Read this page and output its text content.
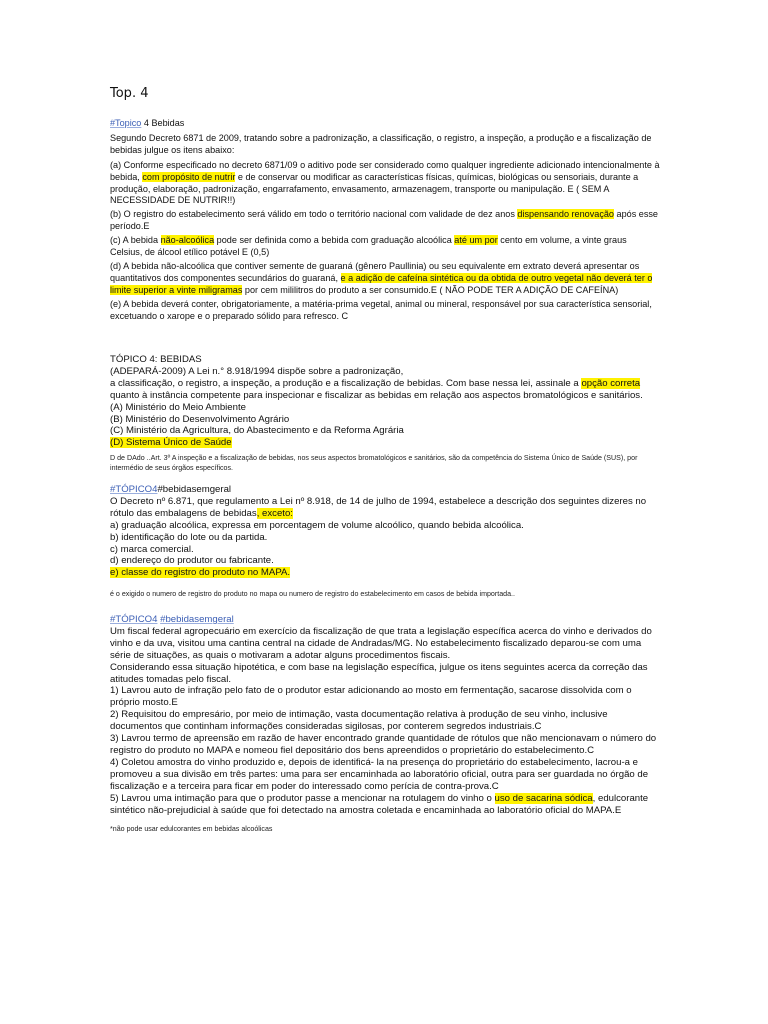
Top. 4

#Topico 4 Bebidas

Segundo Decreto 6871 de 2009, tratando sobre a padronização, a classificação, o registro, a inspeção, a produção e a fiscalização de bebidas julgue os itens abaixo:

(a) Conforme especificado no decreto 6871/09 o aditivo pode ser considerado como qualquer ingrediente adicionado intencionalmente à bebida, com propósito de nutrir e de conservar ou modificar as características físicas, químicas, biológicas ou sensoriais, durante a produção, elaboração, padronização, engarrafamento, envasamento, armazenagem, transporte ou manipulação. E ( SEM A NECESSIDADE DE NUTRIR!!)

(b) O registro do estabelecimento será válido em todo o território nacional com validade de dez anos dispensando renovação após esse período.E

(c) A bebida não-alcoólica pode ser definida como a bebida com graduação alcoólica até um por cento em volume, a vinte graus Celsius, de álcool etílico potável E (0,5)

(d) A bebida não-alcoólica que contiver semente de guaraná (gênero Paullinia) ou seu equivalente em extrato deverá apresentar os quantitativos dos componentes secundários do guaraná, e a adição de cafeína sintética ou da obtida de outro vegetal não deverá ter o limite superior a vinte miligramas por cem mililitros do produto a ser consumido.E ( NÃO PODE TER A ADIÇÃO DE CAFEÍNA)

(e) A bebida deverá conter, obrigatoriamente, a matéria-prima vegetal, animal ou mineral, responsável por sua característica sensorial, excetuando o xarope e o preparado sólido para refresco. C

TÓPICO 4: BEBIDAS

(ADEPARÁ-2009) A Lei n.° 8.918/1994 dispõe sobre a padronização,

a classificação, o registro, a inspeção, a produção e a fiscalização de bebidas. Com base nessa lei, assinale a opção correta

quanto à instância competente para inspecionar e fiscalizar as bebidas em relação aos aspectos bromatológicos e sanitários.

(A) Ministério do Meio Ambiente

(B) Ministério do Desenvolvimento Agrário

(C) Ministério da Agricultura, do Abastecimento e da Reforma Agrária

(D) Sistema Único de Saúde

D de DAdo ..Art. 3º A inspeção e a fiscalização de bebidas, nos seus aspectos bromatológicos e sanitários, são da competência do Sistema Único de Saúde (SUS), por intermédio de seus órgãos específicos.

#TÓPICO4#bebidasemgeral

O Decreto nº 6.871, que regulamento a Lei nº 8.918, de 14 de julho de 1994, estabelece a descrição dos seguintes dizeres no rótulo das embalagens de bebidas, exceto:

a) graduação alcoólica, expressa em porcentagem de volume alcoólico, quando bebida alcoólica.

b) identificação do lote ou da partida.

c) marca comercial.

d) endereço do produtor ou fabricante.

e) classe do registro do produto no MAPA.

é o exigido o numero de registro do produto no mapa ou numero de registro do estabelecimento em casos de bebida importada..

#TÓPICO4 #bebidasemgeral

Um fiscal federal agropecuário em exercício da fiscalização de que trata a legislação específica acerca do vinho e derivados do vinho e da uva, visitou uma cantina central na cidade de Andradas/MG. No estabelecimento fiscalizado deparou-se com uma série de situações, as quais o motivaram a adotar alguns procedimentos fiscais.

Considerando essa situação hipotética, e com base na legislação específica, julgue os itens seguintes acerca da correção das atitudes tomadas pelo fiscal.

1) Lavrou auto de infração pelo fato de o produtor estar adicionando ao mosto em fermentação, sacarose dissolvida com o próprio mosto.E

2) Requisitou do empresário, por meio de intimação, vasta documentação relativa à produção de seu vinho, inclusive documentos que continham informações consideradas sigilosas, por conterem segredos industriais.C

3) Lavrou termo de apreensão em razão de haver encontrado grande quantidade de rótulos que não mencionavam o número do registro do produto no MAPA e nomeou fiel depositário dos bens apreendidos o proprietário do estabelecimento.C

4) Coletou amostra do vinho produzido e, depois de identificá- la na presença do proprietário do estabelecimento, lacrou-a e promoveu a sua divisão em três partes: uma para ser encaminhada ao laboratório oficial, outra para ser guardada no órgão de fiscalização e a terceira para ficar em poder do interessado como perícia de contra-prova.C

5) Lavrou uma intimação para que o produtor passe a mencionar na rotulagem do vinho o uso de sacarina sódica, edulcorante sintético não-prejudicial à saúde que foi detectado na amostra coletada e encaminhada ao laboratório oficial do MAPA.E

*não pode usar edulcorantes em bebidas alcoólicas
